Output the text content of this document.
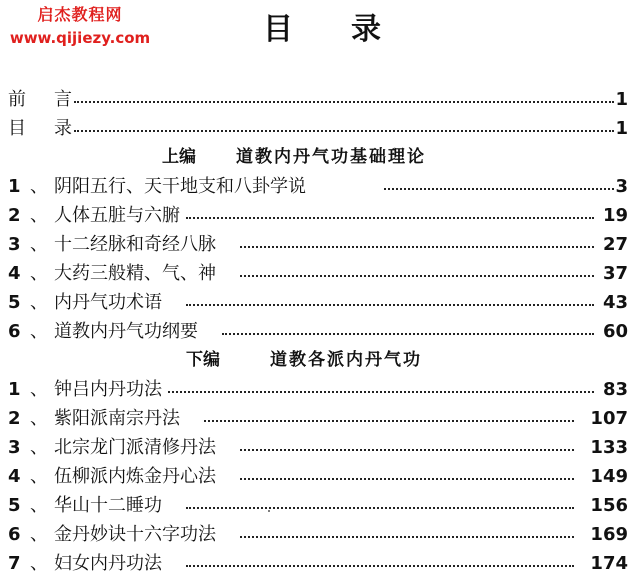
启杰教程网
www.qijiezy.com	目录
前言	1
目录	1
上编 道教内丹气功基础理论
1 、 阴阳五行、天干地支和八卦学说	3
2 、 人体五脏与六腑	19
3 、 十二经脉和奇经八脉	27
4 、 大药三般精、气、神	37
5 、 内丹气功术语	43
6 、 道教内丹气功纲要	60
下编	道教各派内丹气功
1 、 钟吕内丹功法	83
2 、 紫阳派南宗丹法	107
3 、 北宗龙门派清修丹法	133
4 、 伍柳派内炼金丹心法	149
5 、 华山十二睡功	156
6 、 金丹妙诀十六字功法	169
7 、 妇女内丹功法	174
